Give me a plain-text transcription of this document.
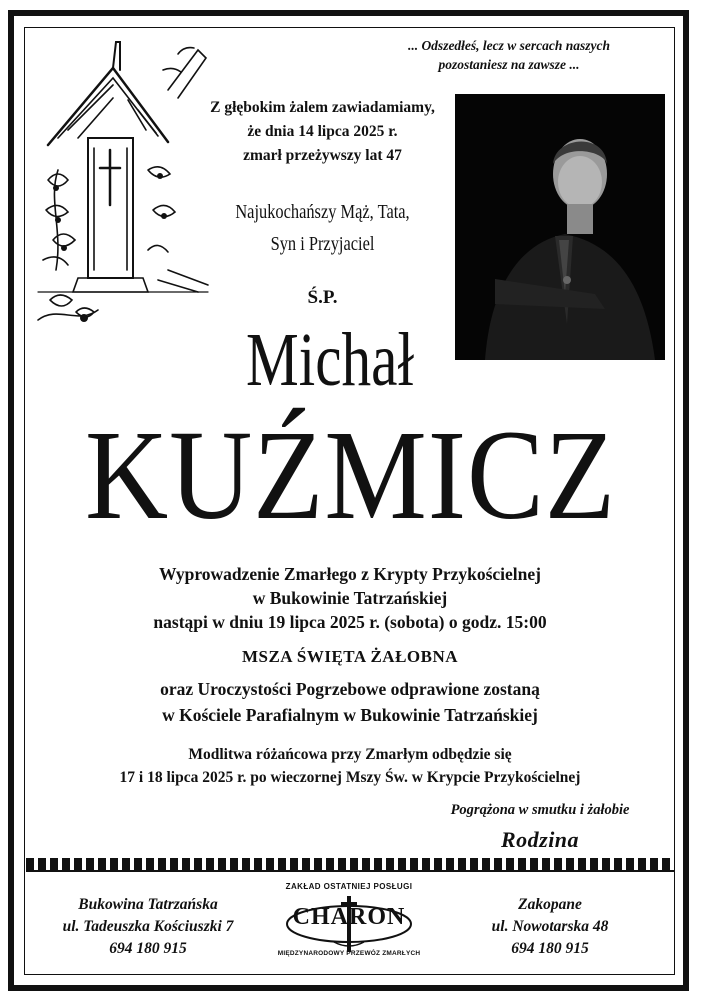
... Odszedłeś, lecz w sercach naszych
pozostaniesz na zawsze ...
Z głębokim żalem zawiadamiamy,
że dnia 14 lipca 2025 r.
zmarł przeżywszy lat 47
Najukochańszy Mąż, Tata,
Syn i Przyjaciel
Ś.P.
Michał
KUŹMICZ
Wyprowadzenie Zmarłego z Krypty Przykościelnej
w Bukowinie Tatrzańskiej
nastąpi w dniu 19 lipca 2025 r. (sobota) o godz. 15:00
MSZA ŚWIĘTA ŻAŁOBNA
oraz Uroczystości Pogrzebowe odprawione zostaną
w Kościele Parafialnym w Bukowinie Tatrzańskiej
Modlitwa różańcowa przy Zmarłym odbędzie się
17 i 18 lipca 2025 r. po wieczornej Mszy Św. w Krypcie Przykościelnej
Pogrążona w smutku i żałobie
Rodzina
Bukowina Tatrzańska
ul. Tadeuszka Kościuszki 7
694 180 915
ZAKŁAD OSTATNIEJ POSŁUGI
CHARON
MIĘDZYNARODOWY PRZEWÓZ ZMARŁYCH
Zakopane
ul. Nowotarska 48
694 180 915
